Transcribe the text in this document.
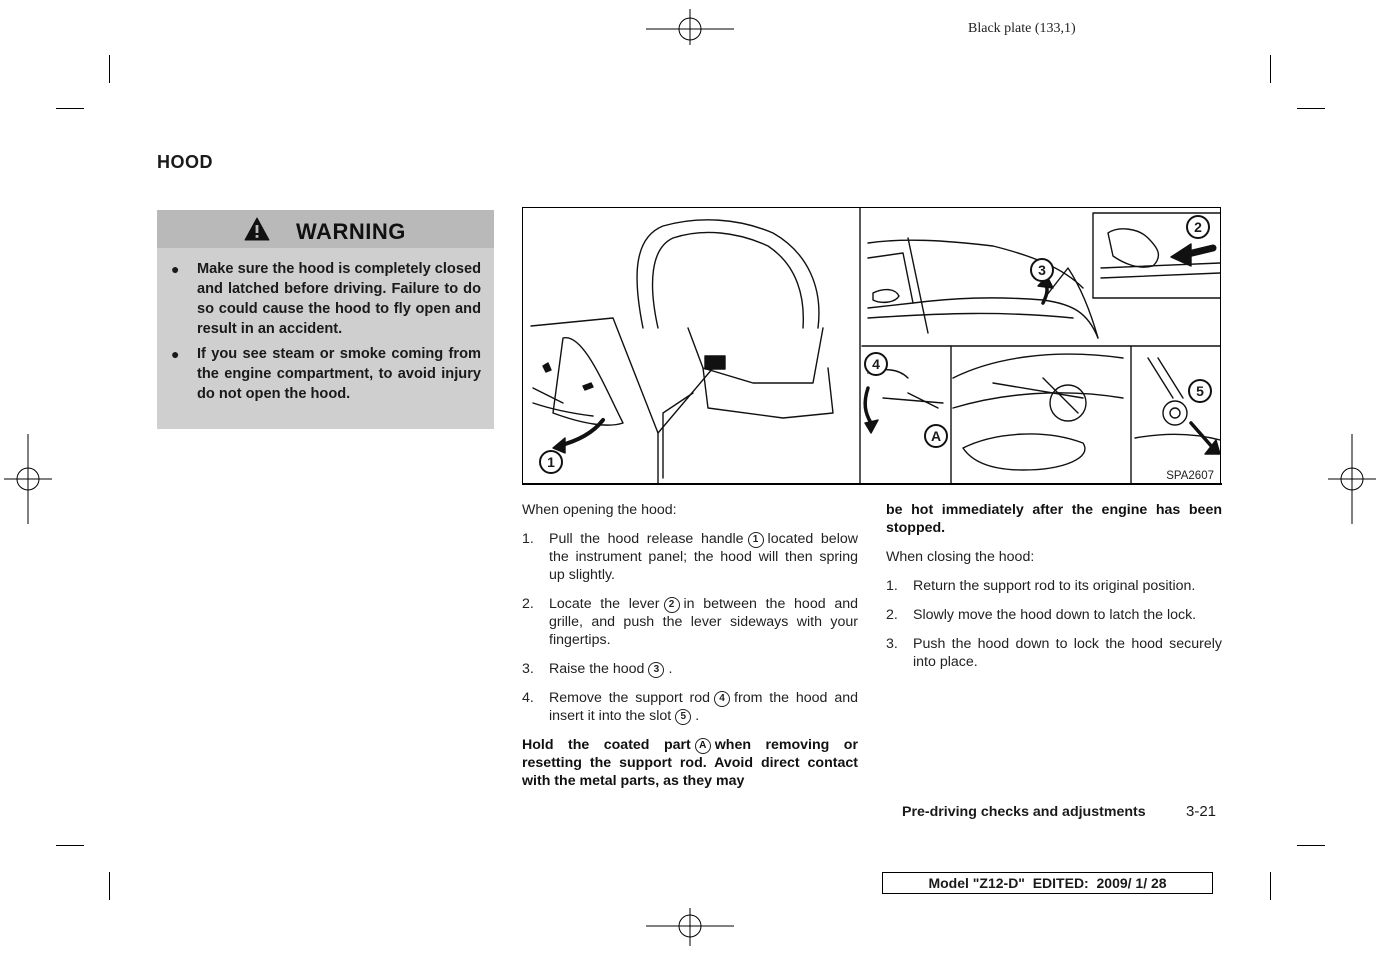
Black plate (133,1)
HOOD
WARNING
● Make sure the hood is completely closed and latched before driving. Failure to do so could cause the hood to fly open and result in an accident.
● If you see steam or smoke coming from the engine compartment, to avoid injury do not open the hood.
1
2
3
4
5
A
SPA2607

When opening the hood:

1. Pull the hood release handle 1 located below the instrument panel; the hood will then spring up slightly.
2. Locate the lever 2 in between the hood and grille, and push the lever sideways with your fingertips.
3. Raise the hood 3 .
4. Remove the support rod 4 from the hood and insert it into the slot 5 .

Hold the coated part A when removing or resetting the support rod. Avoid direct contact with the metal parts, as they may

be hot immediately after the engine has been stopped.

When closing the hood:

1. Return the support rod to its original position.
2. Slowly move the hood down to latch the lock.
3. Push the hood down to lock the hood securely into place.
Pre-driving checks and adjustments	3-21
Model "Z12-D"  EDITED:  2009/ 1/ 28
